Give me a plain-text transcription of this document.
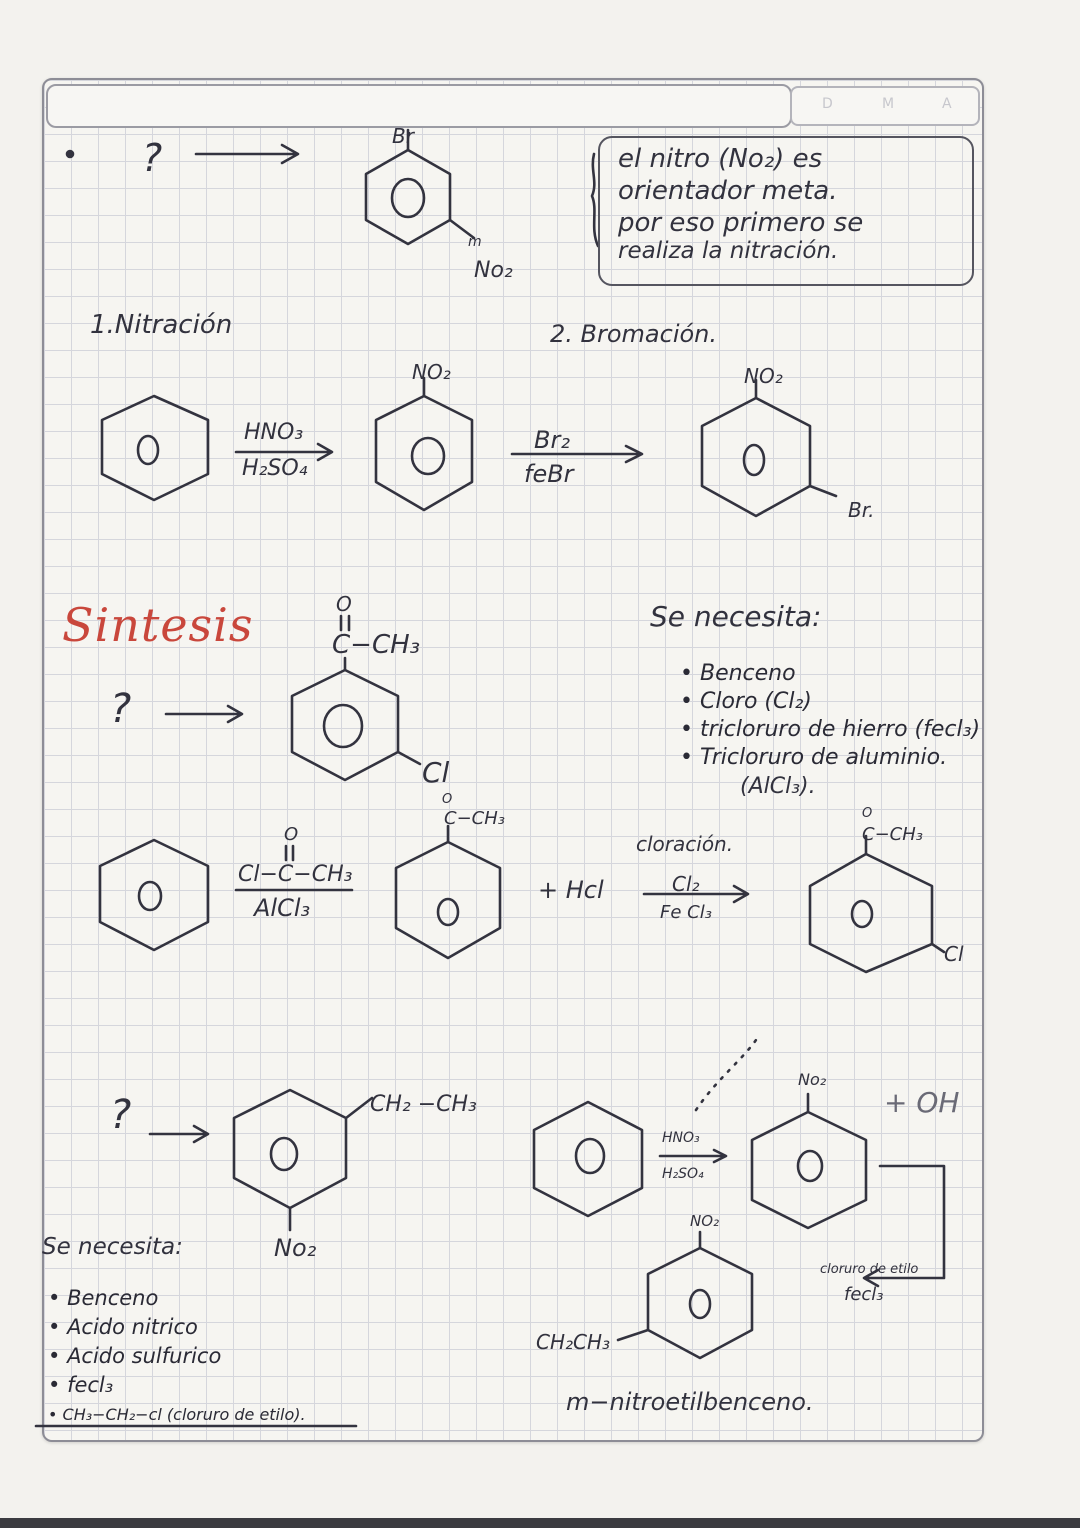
D	M	A
?	Br
m
No₂
el nitro (No₂) es
orientador meta.
por eso primero se
realiza la nitración.
1.Nitración	2. Bromación.
HNO₃
H₂SO₄
NO₂
Br₂
feBr
NO₂
Br.
Sintesis
?
O
C−CH₃
Cl
Se necesita:
• Benceno
• Cloro (Cl₂)
• tricloruro de hierro (fecl₃)
• Tricloruro de aluminio.
(AlCl₃).
O
Cl−C−CH₃
AlCl₃
C−CH₃
O
+ Hcl
cloración.
Cl₂
Fe Cl₃
C−CH₃
O
Cl
?	CH₂ −CH₃
No₂
Se necesita:
• Benceno
• Acido nitrico
• Acido sulfurico
• fecl₃
• CH₃−CH₂−cl (cloruro de etilo).
HNO₃
H₂SO₄
No₂
+ OH
cloruro de etilo
fecl₃
NO₂
CH₂CH₃
m−nitroetilbenceno.
